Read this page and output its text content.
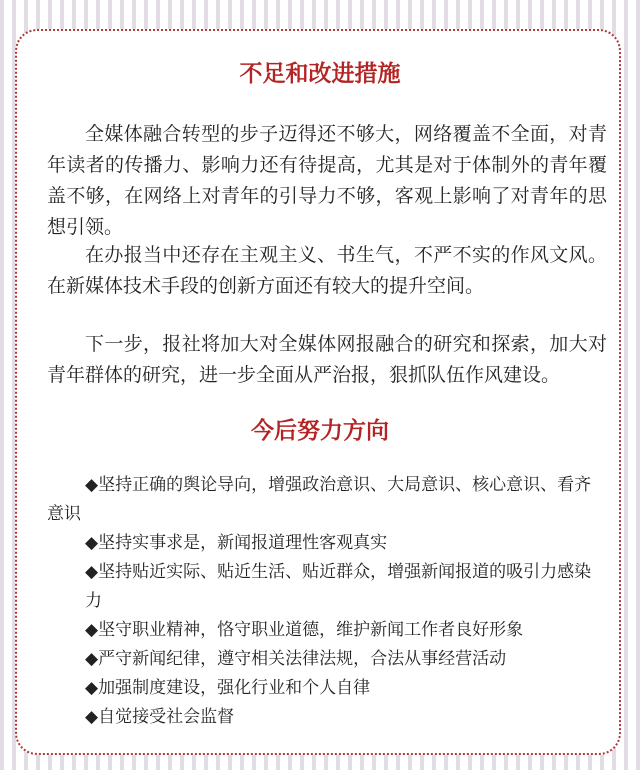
不足和改进措施

全媒体融合转型的步子迈得还不够大，网络覆盖不全面，对青年读者的传播力、影响力还有待提高，尤其是对于体制外的青年覆盖不够，在网络上对青年的引导力不够，客观上影响了对青年的思想引领。

在办报当中还存在主观主义、书生气，不严不实的作风文风。在新媒体技术手段的创新方面还有较大的提升空间。

下一步，报社将加大对全媒体网报融合的研究和探索，加大对青年群体的研究，进一步全面从严治报，狠抓队伍作风建设。

今后努力方向
◆坚持正确的舆论导向，增强政治意识、大局意识、核心意识、看齐意识
◆坚持实事求是，新闻报道理性客观真实
◆坚持贴近实际、贴近生活、贴近群众，增强新闻报道的吸引力感染力
◆坚守职业精神，恪守职业道德，维护新闻工作者良好形象
◆严守新闻纪律，遵守相关法律法规，合法从事经营活动
◆加强制度建设，强化行业和个人自律
◆自觉接受社会监督
